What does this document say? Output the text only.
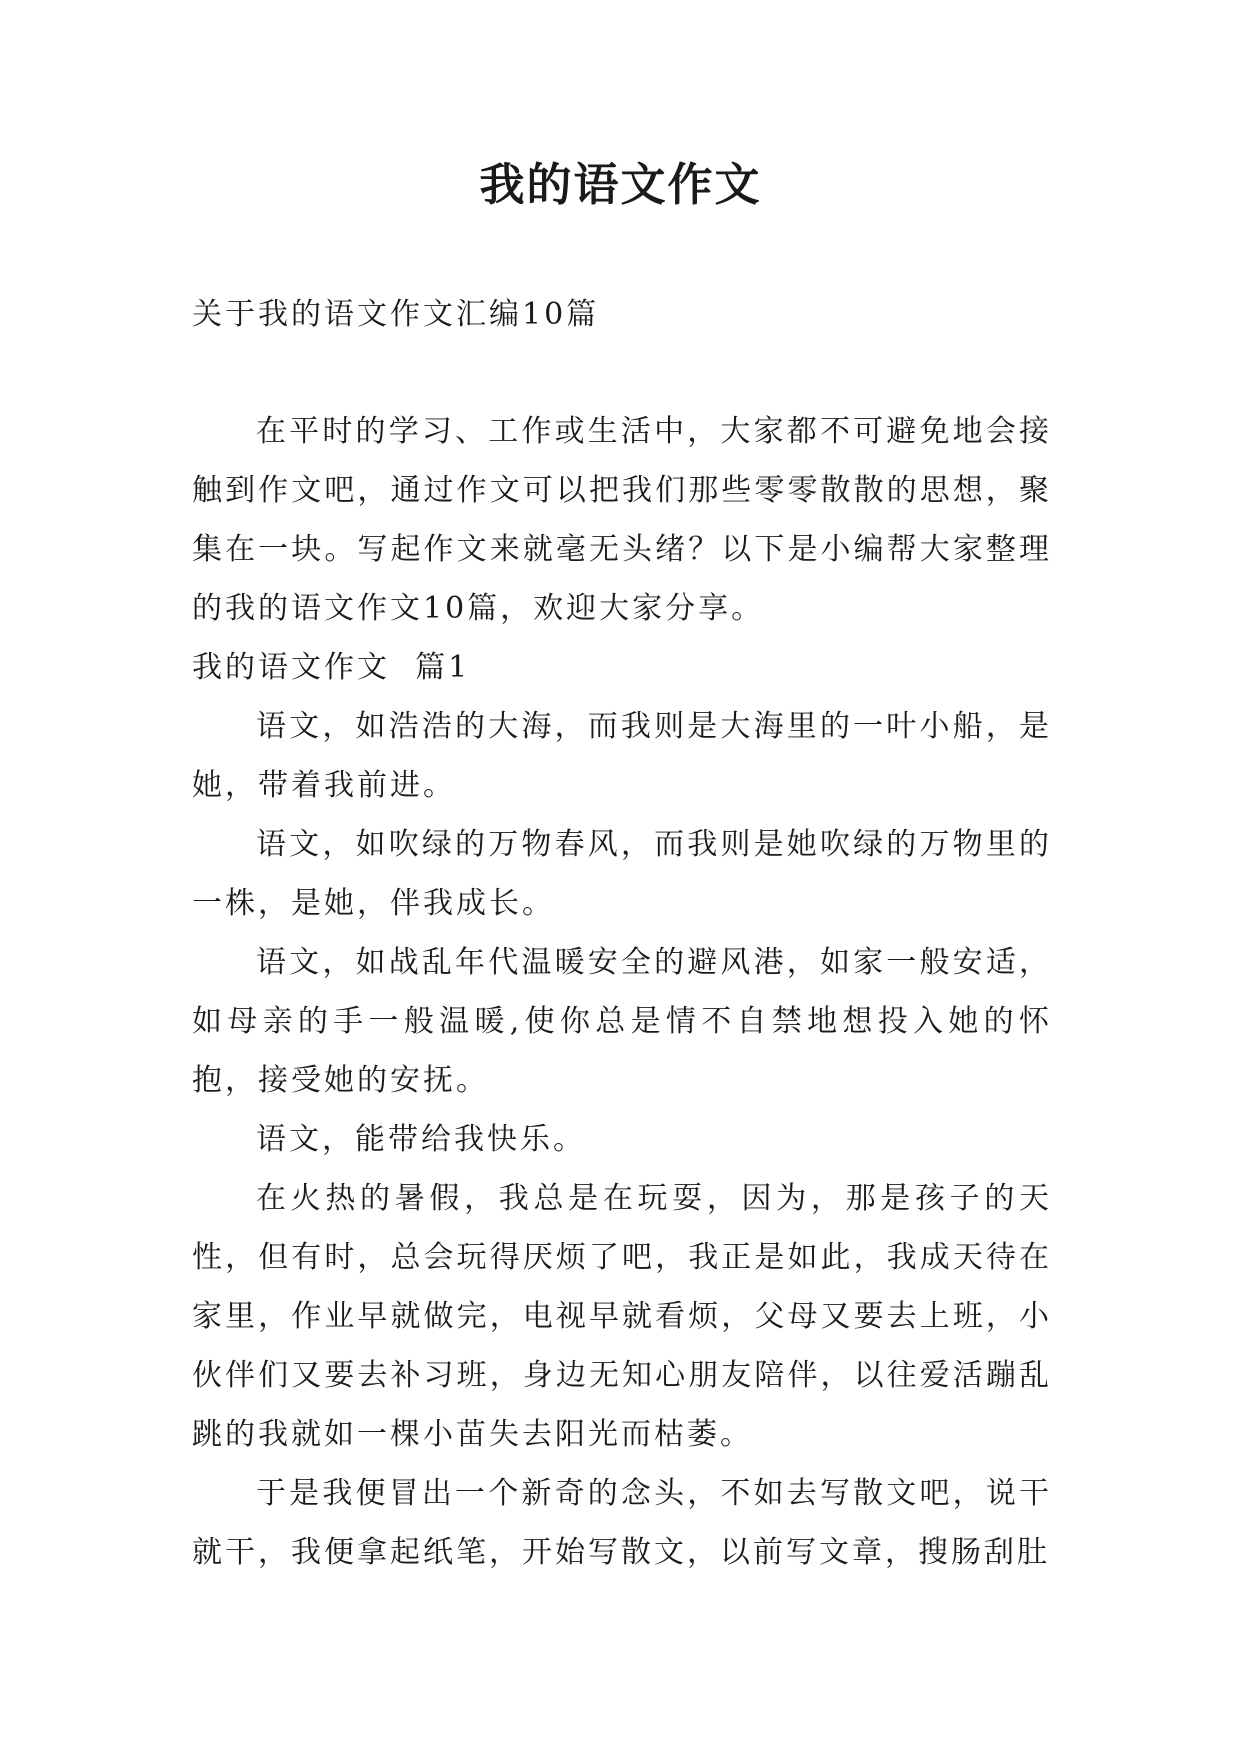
我的语文作文

关于我的语文作文汇编10篇

在平时的学习、工作或生活中，大家都不可避免地会接触到作文吧，通过作文可以把我们那些零零散散的思想，聚集在一块。写起作文来就毫无头绪？以下是小编帮大家整理的我的语文作文10篇，欢迎大家分享。

我的语文作文  篇1

语文，如浩浩的大海，而我则是大海里的一叶小船，是她，带着我前进。

语文，如吹绿的万物春风，而我则是她吹绿的万物里的一株，是她，伴我成长。

语文，如战乱年代温暖安全的避风港，如家一般安适，如母亲的手一般温暖,使你总是情不自禁地想投入她的怀抱，接受她的安抚。

语文，能带给我快乐。

在火热的暑假，我总是在玩耍，因为，那是孩子的天性，但有时，总会玩得厌烦了吧，我正是如此，我成天待在家里，作业早就做完，电视早就看烦，父母又要去上班，小伙伴们又要去补习班，身边无知心朋友陪伴，以往爱活蹦乱跳的我就如一棵小苗失去阳光而枯萎。

于是我便冒出一个新奇的念头，不如去写散文吧，说干就干，我便拿起纸笔，开始写散文，以前写文章，搜肠刮肚
